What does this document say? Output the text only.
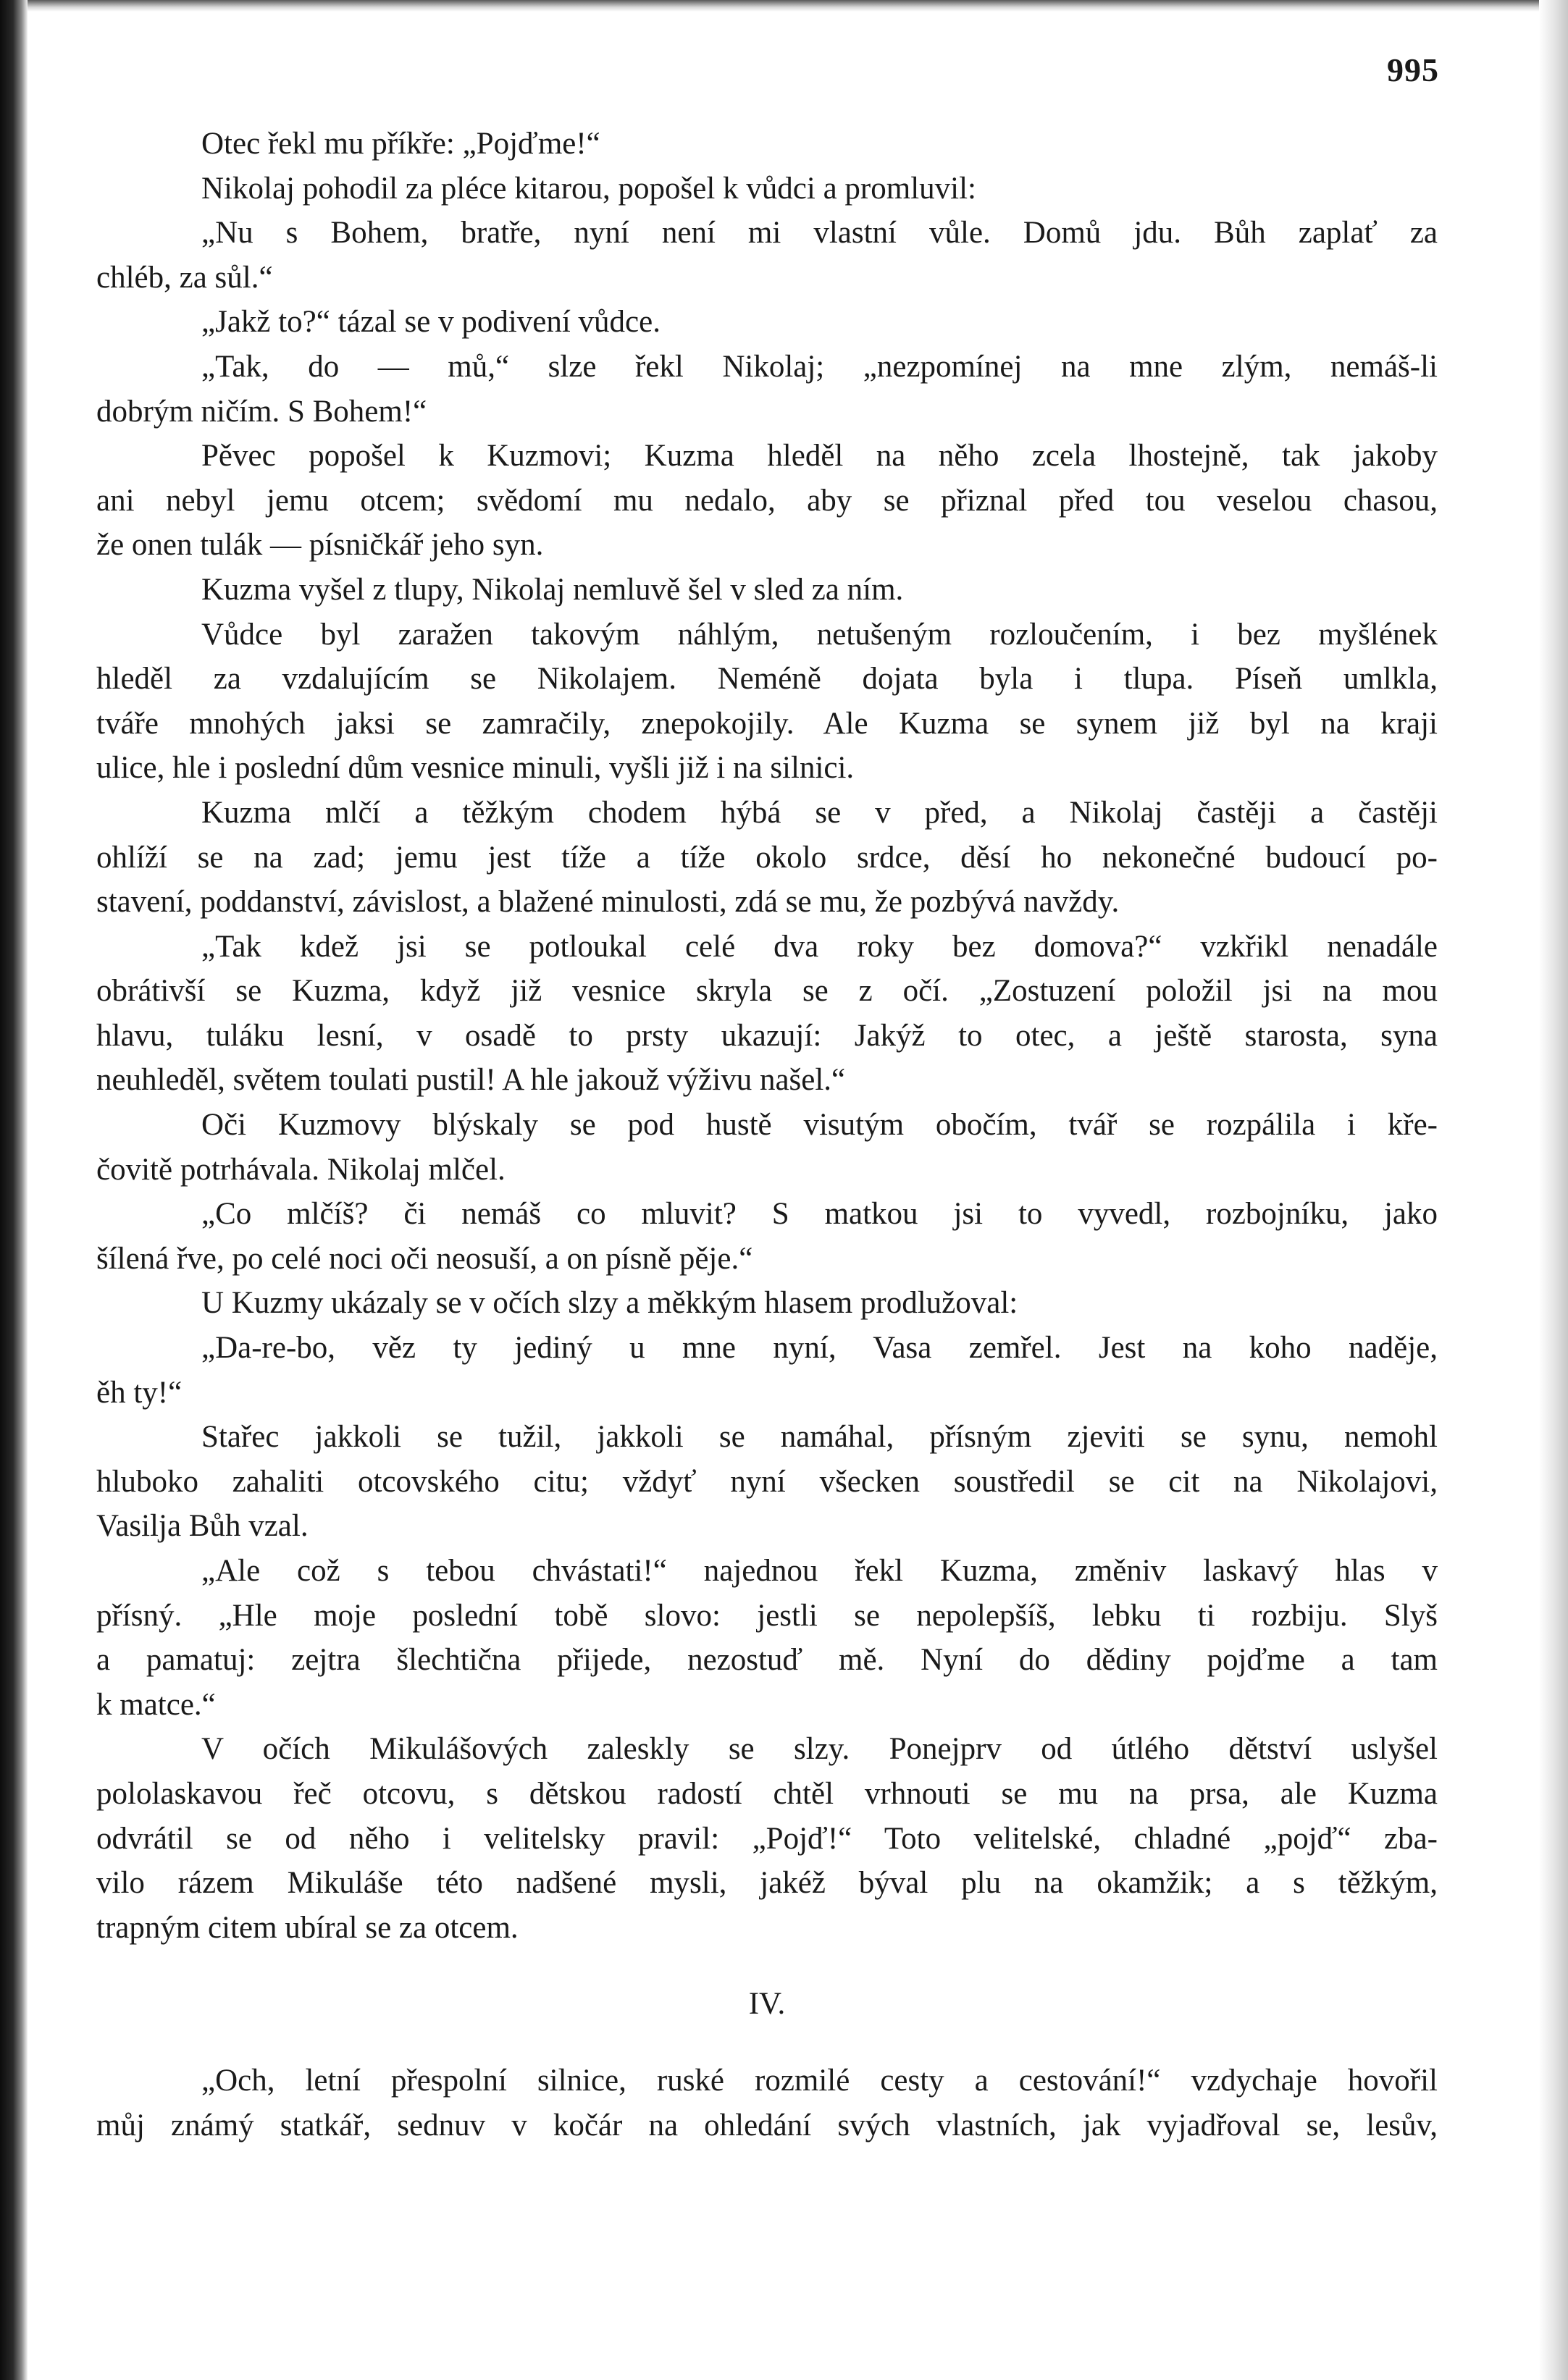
995
Otec řekl mu příkře: „Pojďme!“
Nikolaj pohodil za pléce kitarou, popošel k vůdci a promluvil:
„Nu s Bohem, bratře, nyní není mi vlastní vůle. Domů jdu. Bůh zaplať za
chléb, za sůl.“
„Jakž to?“ tázal se v podivení vůdce.
„Tak, do — mů,“ slze řekl Nikolaj; „nezpomínej na mne zlým, nemáš-li
dobrým ničím. S Bohem!“
Pěvec popošel k Kuzmovi; Kuzma hleděl na něho zcela lhostejně, tak jakoby
ani nebyl jemu otcem; svědomí mu nedalo, aby se přiznal před tou veselou chasou,
že onen tulák — písničkář jeho syn.
Kuzma vyšel z tlupy, Nikolaj nemluvě šel v sled za ním.
Vůdce byl zaražen takovým náhlým, netušeným rozloučením, i bez myšlének
hleděl za vzdalujícím se Nikolajem. Neméně dojata byla i tlupa. Píseň umlkla,
tváře mnohých jaksi se zamračily, znepokojily. Ale Kuzma se synem již byl na kraji
ulice, hle i poslední dům vesnice minuli, vyšli již i na silnici.
Kuzma mlčí a těžkým chodem hýbá se v před, a Nikolaj častěji a častěji
ohlíží se na zad; jemu jest tíže a tíže okolo srdce, děsí ho nekonečné budoucí po-
stavení, poddanství, závislost, a blažené minulosti, zdá se mu, že pozbývá navždy.
„Tak kdež jsi se potloukal celé dva roky bez domova?“ vzkřikl nenadále
obrátivší se Kuzma, když již vesnice skryla se z očí. „Zostuzení položil jsi na mou
hlavu, tuláku lesní, v osadě to prsty ukazují: Jakýž to otec, a ještě starosta, syna
neuhleděl, světem toulati pustil! A hle jakouž výživu našel.“
Oči Kuzmovy blýskaly se pod hustě visutým obočím, tvář se rozpálila i kře-
čovitě potrhávala. Nikolaj mlčel.
„Co mlčíš? či nemáš co mluvit? S matkou jsi to vyvedl, rozbojníku, jako
šílená řve, po celé noci oči neosuší, a on písně pěje.“
U Kuzmy ukázaly se v očích slzy a měkkým hlasem prodlužoval:
„Da-re-bo, věz ty jediný u mne nyní, Vasa zemřel. Jest na koho naděje,
ěh ty!“
Stařec jakkoli se tužil, jakkoli se namáhal, přísným zjeviti se synu, nemohl
hluboko zahaliti otcovského citu; vždyť nyní všecken soustředil se cit na Nikolajovi,
Vasilja Bůh vzal.
„Ale což s tebou chvástati!“ najednou řekl Kuzma, změniv laskavý hlas v
přísný. „Hle moje poslední tobě slovo: jestli se nepolepšíš, lebku ti rozbiju. Slyš
a pamatuj: zejtra šlechtična přijede, nezostuď mě. Nyní do dědiny pojďme a tam
k matce.“
V očích Mikulášových zaleskly se slzy. Ponejprv od útlého dětství uslyšel
pololaskavou řeč otcovu, s dětskou radostí chtěl vrhnouti se mu na prsa, ale Kuzma
odvrátil se od něho i velitelsky pravil: „Pojď!“ Toto velitelské, chladné „pojď“ zba-
vilo rázem Mikuláše této nadšené mysli, jakéž býval plu na okamžik; a s těžkým,
trapným citem ubíral se za otcem.
IV.
„Och, letní přespolní silnice, ruské rozmilé cesty a cestování!“ vzdychaje hovořil
můj známý statkář, sednuv v kočár na ohledání svých vlastních, jak vyjadřoval se, lesův,
